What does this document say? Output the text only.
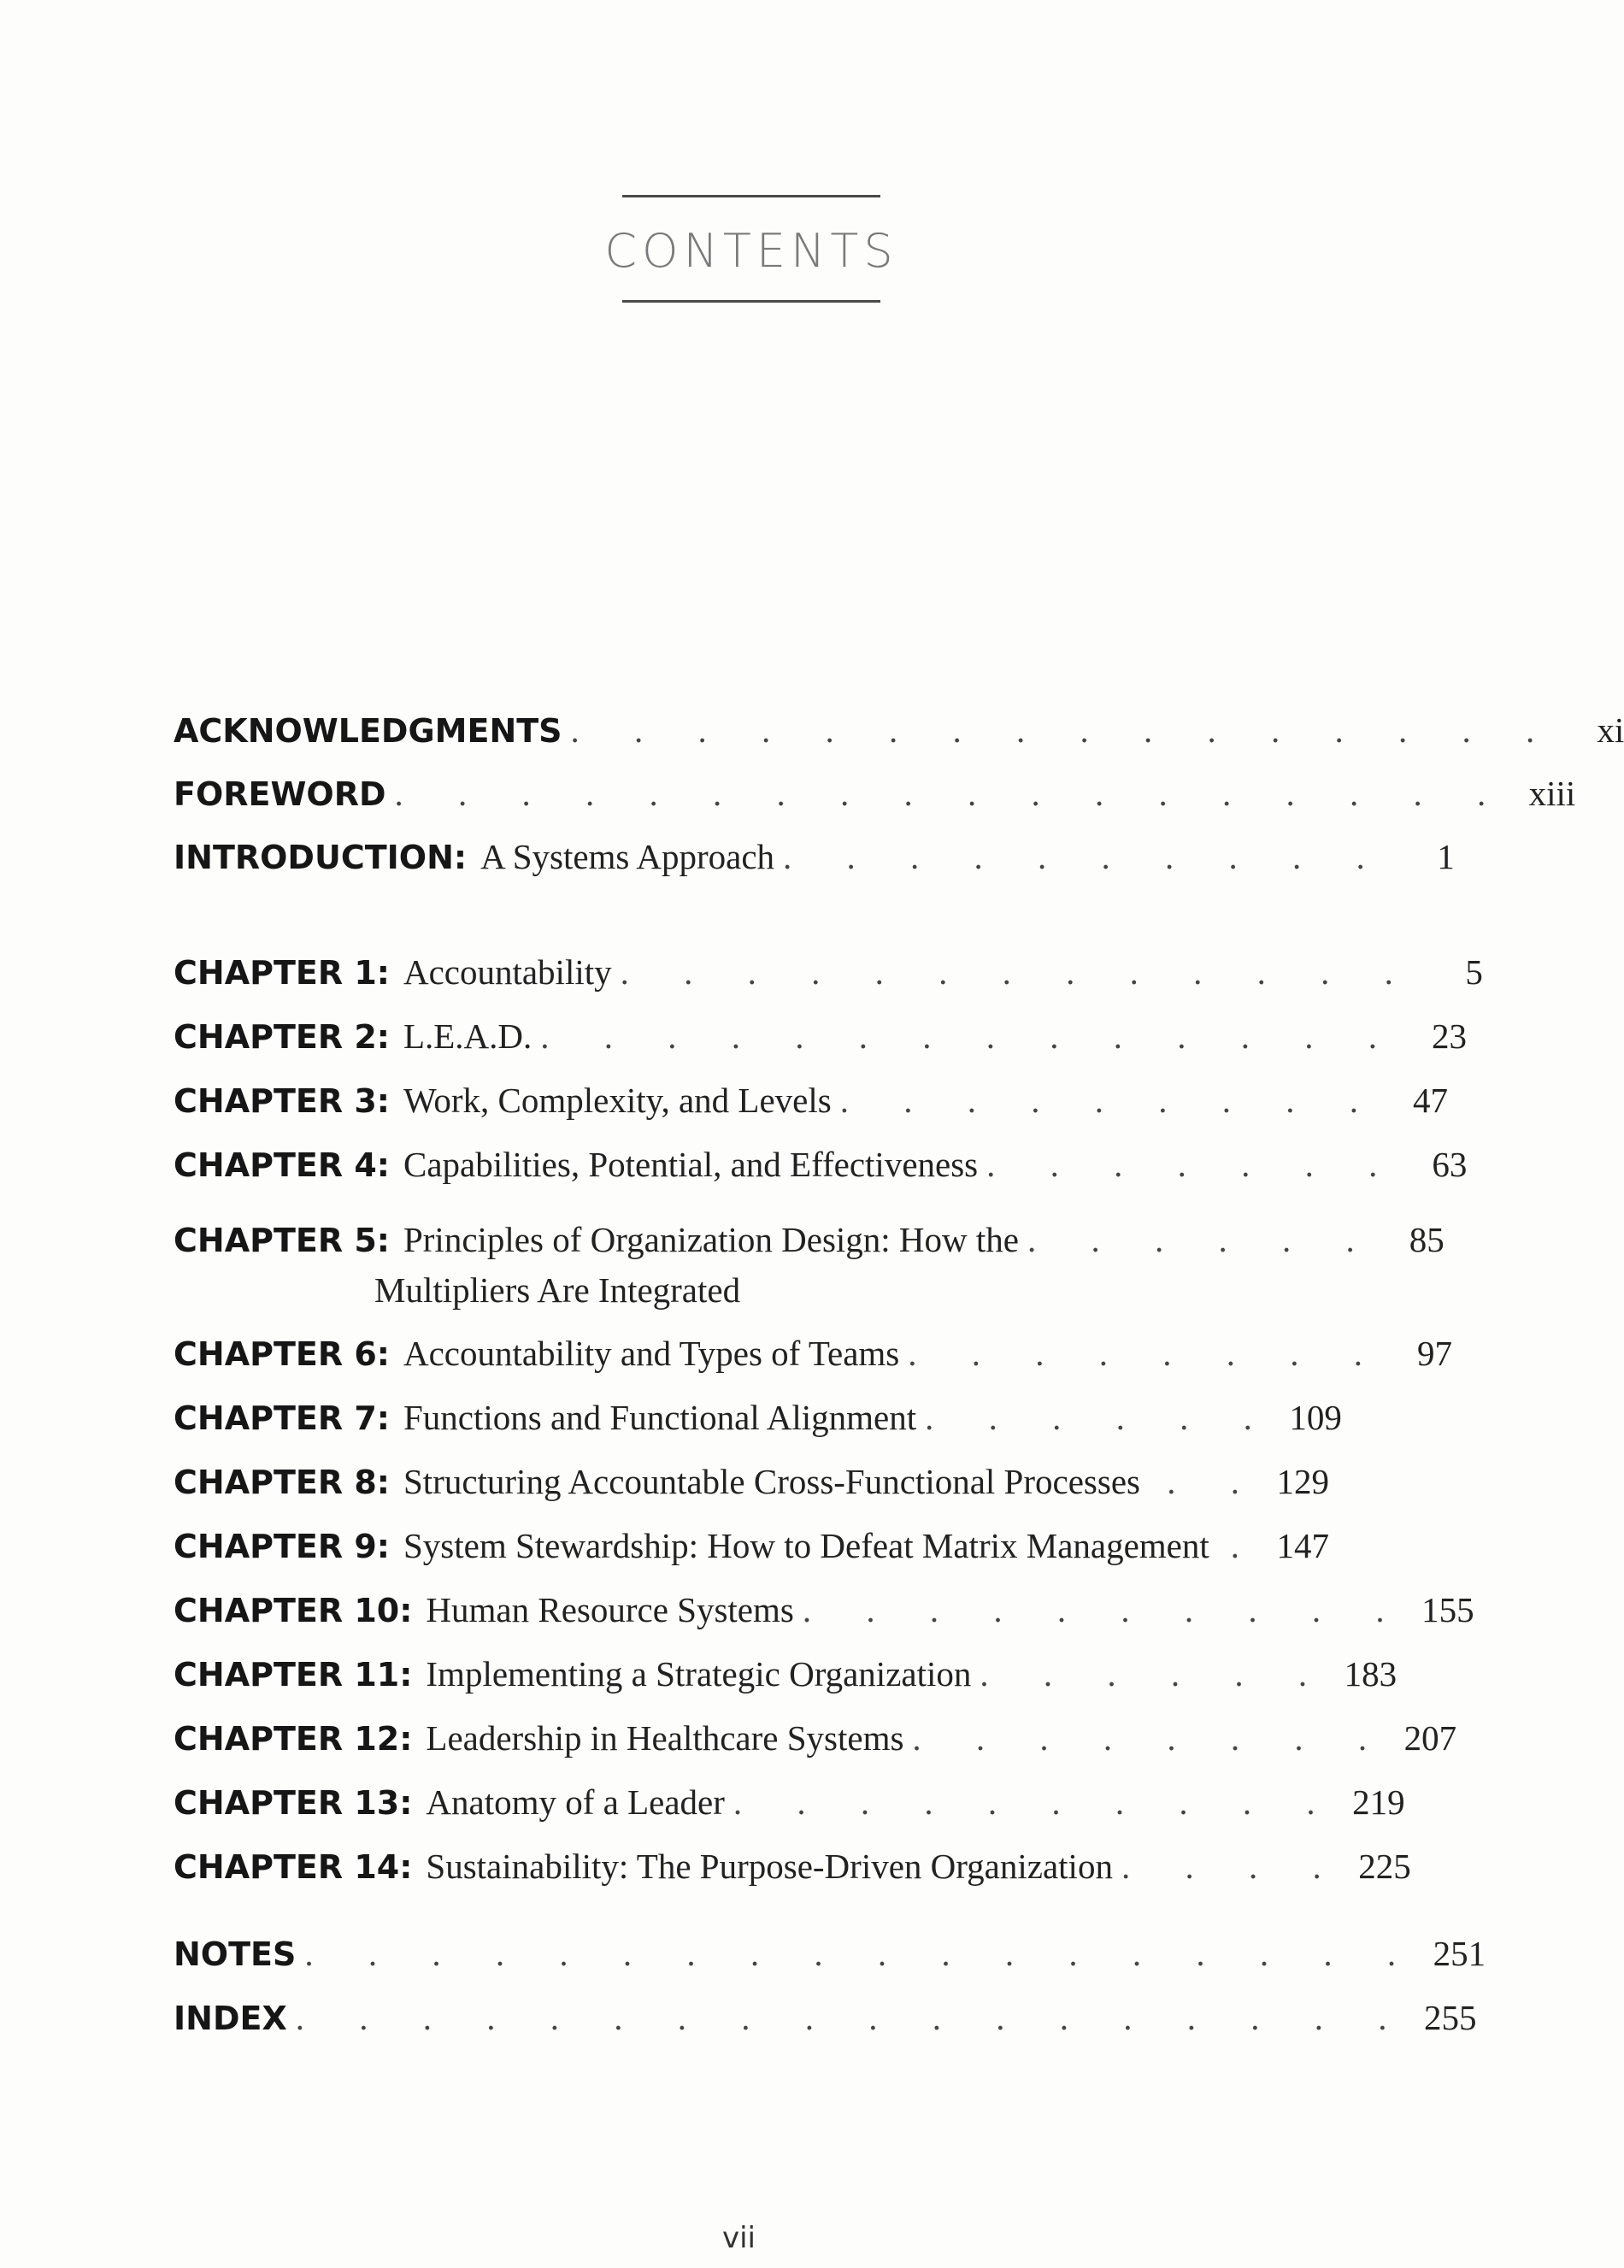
CONTENTS
ACKNOWLEDGMENTS . . . . . . . . . . . . . . . .	xi
FOREWORD . . . . . . . . . . . . . . . . . . xiii
INTRODUCTION : A Systems Approach . . . . . . . . . .	1
CHAPTER 1 : Accountability . . . . . . . . . . . . .	5
CHAPTER 2 : L.E.A.D. . . . . . . . . . . . . . . 23
CHAPTER 3 : Work, Complexity, and Levels . . . . . . . . . 47
CHAPTER 4 : Capabilities, Potential, and Effectiveness . . . . . . . 63
CHAPTER 5 : Principles of Organization Design: How the . . . . . . 85
Multipliers Are Integrated
CHAPTER 6 : Accountability and Types of Teams . . . . . . . . 97
CHAPTER 7 : Functions and Functional Alignment . . . . . . 109
CHAPTER 8 : Structuring Accountable Cross-Functional Processes . . 129
CHAPTER 9 : System Stewardship: How to Defeat Matrix Management . 147
CHAPTER 10 : Human Resource Systems . . . . . . . . . . 155
CHAPTER 11 : Implementing a Strategic Organization . . . . . . 183
CHAPTER 12 : Leadership in Healthcare Systems . . . . . . . . 207
CHAPTER 13 : Anatomy of a Leader . . . . . . . . . . 219
CHAPTER 14 : Sustainability: The Purpose-Driven Organization . . . . 225
NOTES . . . . . . . . . . . . . . . . . . 251
INDEX . . . . . . . . . . . . . . . . . . 255
vii
